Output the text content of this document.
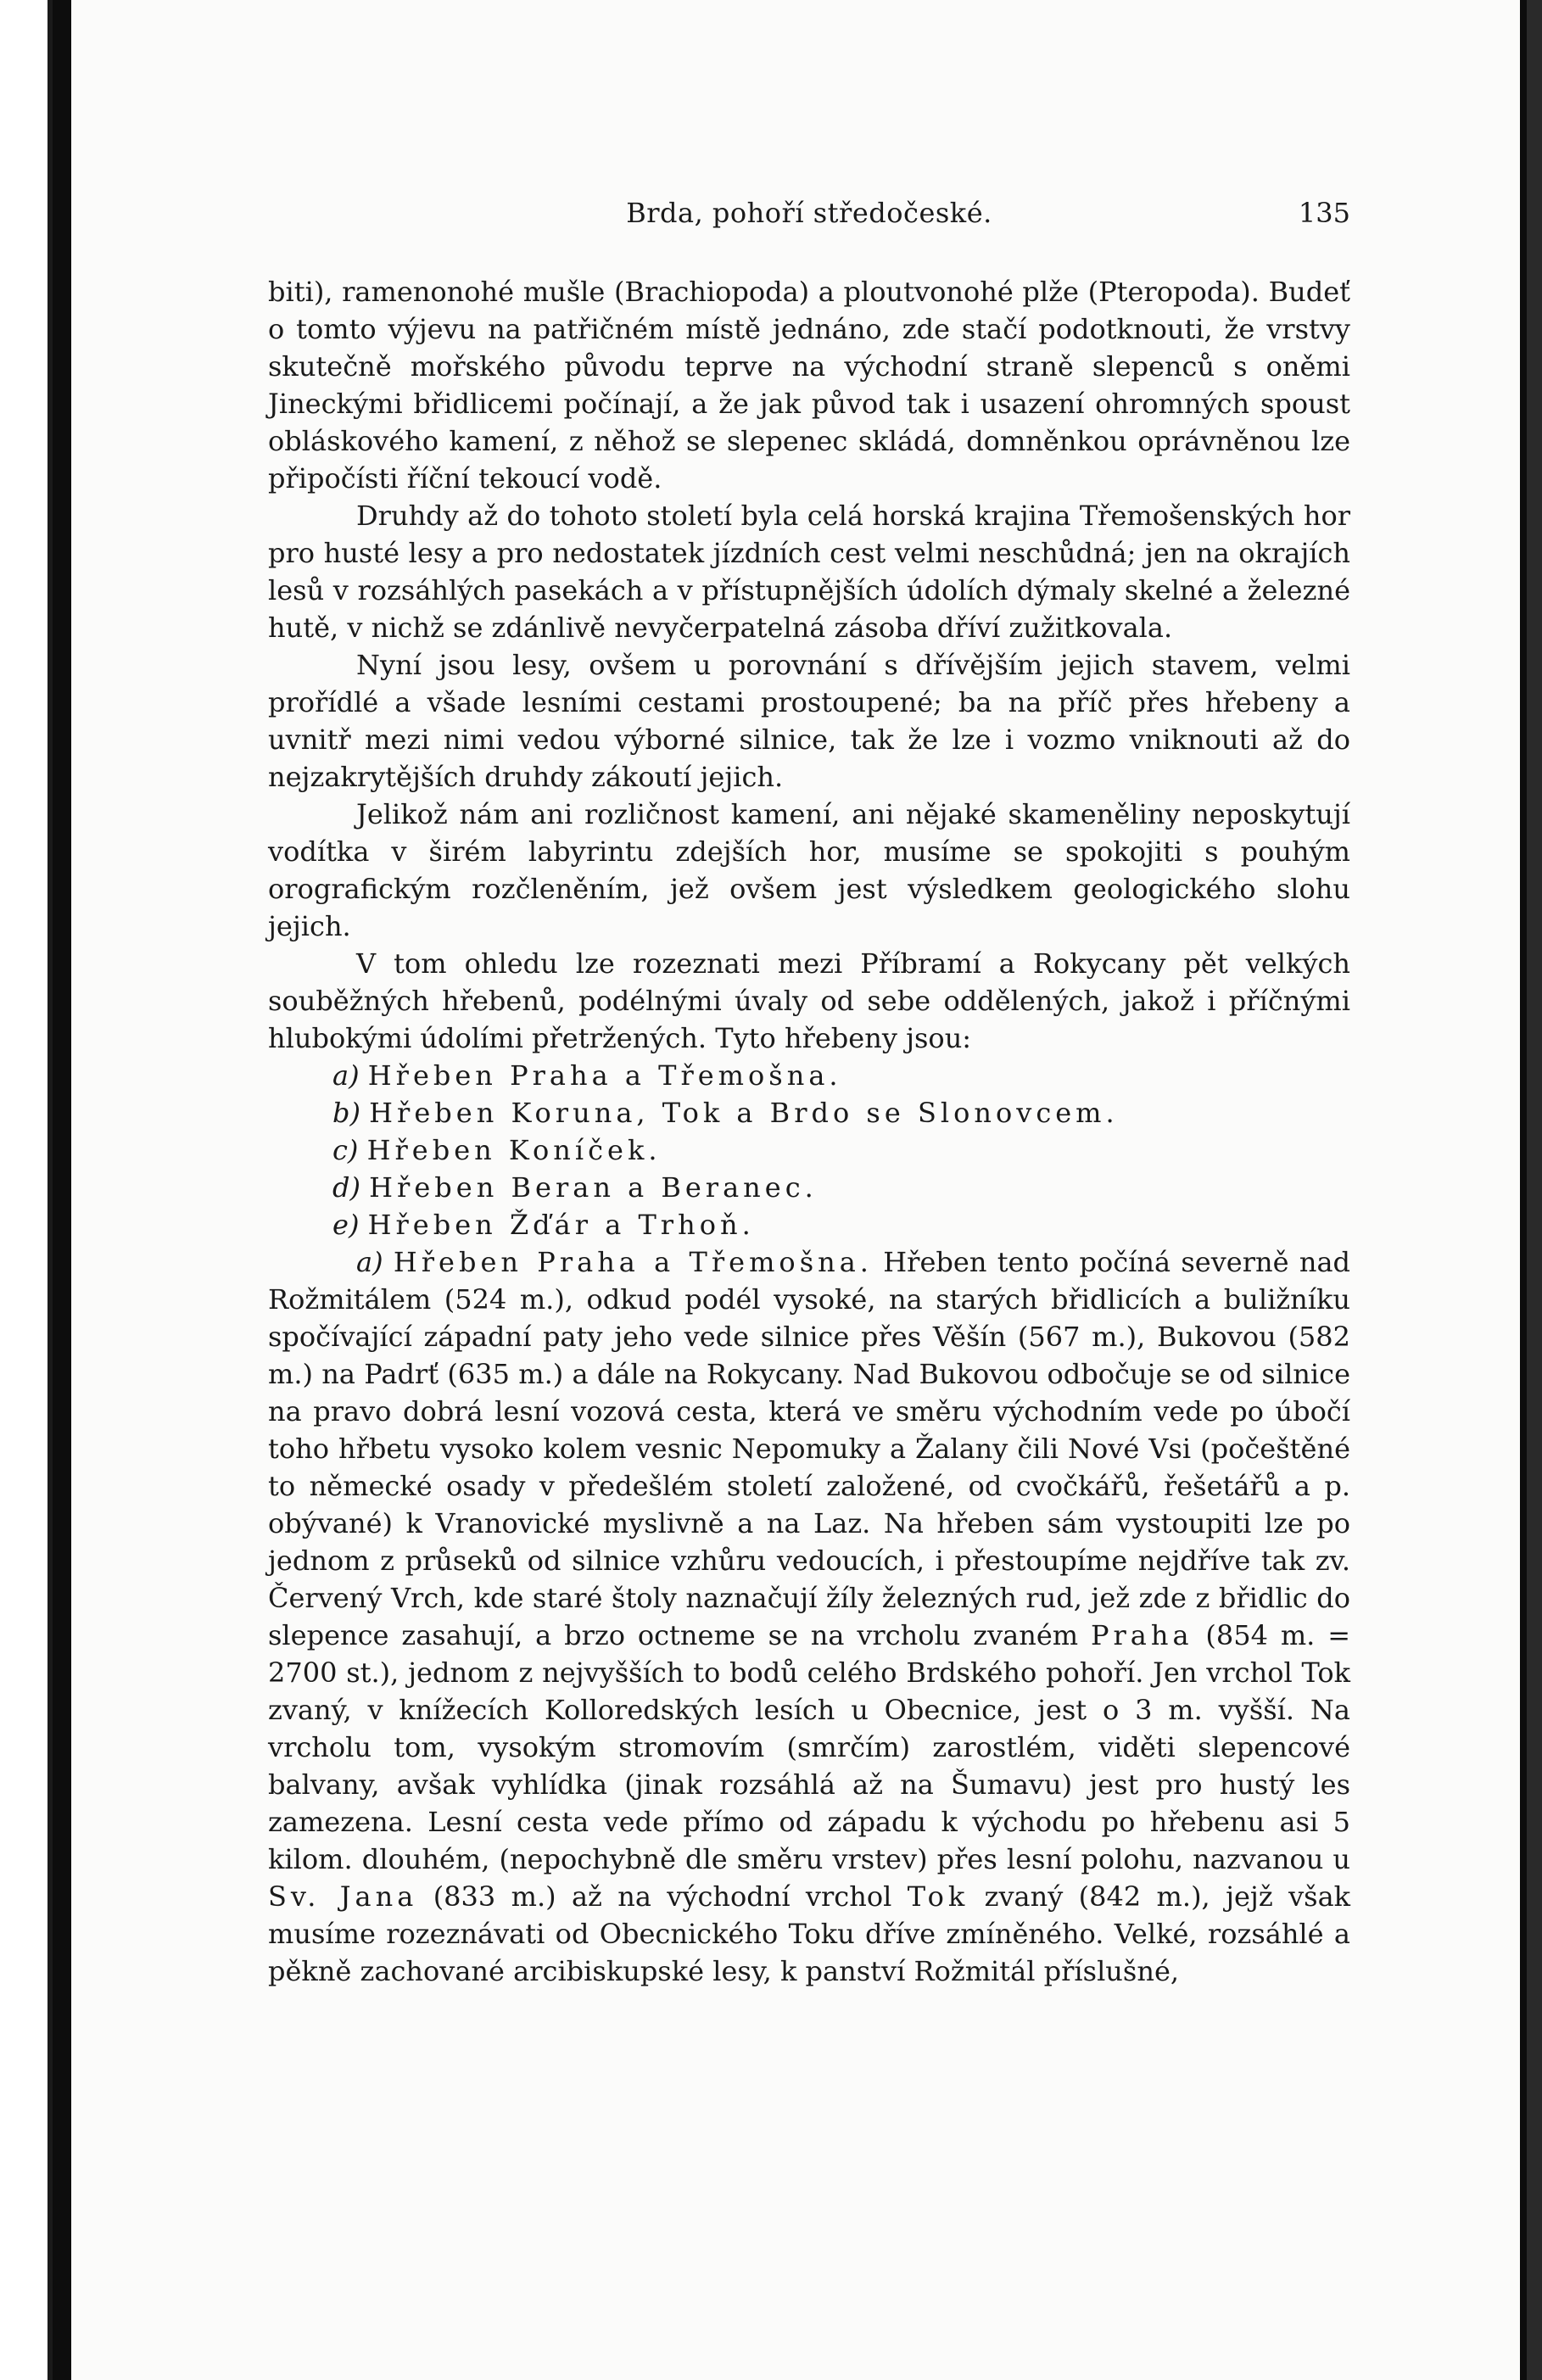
Brda, pohoří středočeské.	135

biti), ramenonohé mušle (Brachiopoda) a ploutvonohé plže (Pteropoda). Budeť o tomto výjevu na patřičném místě jednáno, zde stačí podotknouti, že vrstvy skutečně mořského původu teprve na východní straně slepenců s oněmi Jineckými břidlicemi počínají, a že jak původ tak i usazení ohromných spoust obláskového kamení, z něhož se slepenec skládá, domněnkou oprávněnou lze připočísti říční tekoucí vodě.

Druhdy až do tohoto století byla celá horská krajina Třemošenských hor pro husté lesy a pro nedostatek jízdních cest velmi neschůdná; jen na okrajích lesů v rozsáhlých pasekách a v přístupnějších údolích dýmaly skelné a železné hutě, v nichž se zdánlivě nevyčerpatelná zásoba dříví zužitkovala.

Nyní jsou lesy, ovšem u porovnání s dřívějším jejich stavem, velmi prořídlé a všade lesními cestami prostoupené; ba na příč přes hřebeny a uvnitř mezi nimi vedou výborné silnice, tak že lze i vozmo vniknouti až do nejzakrytějších druhdy zákoutí jejich.

Jelikož nám ani rozličnost kamení, ani nějaké skameněliny neposkytují vodítka v širém labyrintu zdejších hor, musíme se spokojiti s pouhým orografickým rozčleněním, jež ovšem jest výsledkem geologického slohu jejich.

V tom ohledu lze rozeznati mezi Příbramí a Rokycany pět velkých souběžných hřebenů, podélnými úvaly od sebe oddělených, jakož i příčnými hlubokými údolími přetržených. Tyto hřebeny jsou:

a) Hřeben Praha a Třemošna.
b) Hřeben Koruna, Tok a Brdo se Slonovcem.
c) Hřeben Koníček.
d) Hřeben Beran a Beranec.
e) Hřeben Žďár a Trhoň.

a) Hřeben Praha a Třemošna. Hřeben tento počíná severně nad Rožmitálem (524 m.), odkud podél vysoké, na starých břidlicích a buližníku spočívající západní paty jeho vede silnice přes Věšín (567 m.), Bukovou (582 m.) na Padrť (635 m.) a dále na Rokycany. Nad Bukovou odbočuje se od silnice na pravo dobrá lesní vozová cesta, která ve směru východním vede po úbočí toho hřbetu vysoko kolem vesnic Nepomuky a Žalany čili Nové Vsi (počeštěné to německé osady v předešlém století založené, od cvočkářů, řešetářů a p. obývané) k Vranovické myslivně a na Laz. Na hřeben sám vystoupiti lze po jednom z průseků od silnice vzhůru vedoucích, i přestoupíme nejdříve tak zv. Červený Vrch, kde staré štoly naznačují žíly železných rud, jež zde z břidlic do slepence zasahují, a brzo octneme se na vrcholu zvaném Praha (854 m. = 2700 st.), jednom z nejvyšších to bodů celého Brdského pohoří. Jen vrchol Tok zvaný, v knížecích Kolloredských lesích u Obecnice, jest o 3 m. vyšší. Na vrcholu tom, vysokým stromovím (smrčím) zarostlém, viděti slepencové balvany, avšak vyhlídka (jinak rozsáhlá až na Šumavu) jest pro hustý les zamezena. Lesní cesta vede přímo od západu k východu po hřebenu asi 5 kilom. dlouhém, (nepochybně dle směru vrstev) přes lesní polohu, nazvanou u Sv. Jana (833 m.) až na východní vrchol Tok zvaný (842 m.), jejž však musíme rozeznávati od Obecnického Toku dříve zmíněného. Velké, rozsáhlé a pěkně zachované arcibiskupské lesy, k panství Rožmitál příslušné,
